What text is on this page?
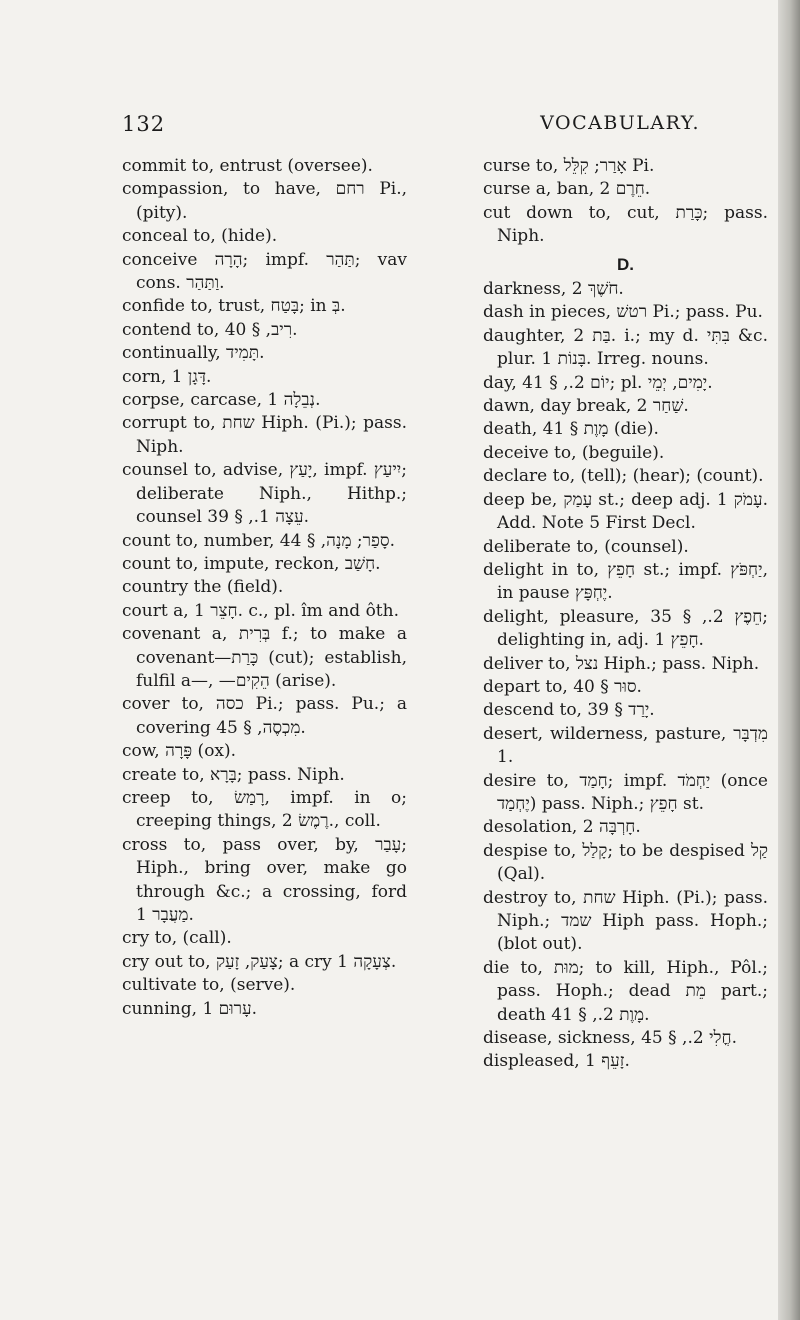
132	VOCABULARY.
commit to, entrust (oversee).
compassion, to have, רחם Pi., (pity).
conceal to, (hide).
conceive הָרָה; impf. תַּהַר; vav cons. וַתַּהַר.
confide to, trust, בָּטַח; in בְּ.
contend to, רִיב, § 40.
continually, תָּמִיד.
corn, דָּגָן 1.
corpse, carcase, נְבֵלָה 1.
corrupt to, שחת Hiph. (Pi.); pass. Niph.
counsel to, advise, יָעַץ, impf. יִיעַץ; deliberate Niph., Hithp.; counsel עֵצָה 1., § 39.
count to, number, סָפַר; מָנָה, § 44.
count to, impute, reckon, חָשַׁב.
country the (field).
court a, חָצֵר 1. c., pl. îm and ôth.
covenant a, בְּרִית f.; to make a covenant—כָּרַת (cut); establish, fulfil a—, —הֵקִים (arise).
cover to, כסה Pi.; pass. Pu.; a covering מִכְסֶה, § 45.
cow, פָּרָה (ox).
create to, בָּרָא; pass. Niph.
creep to, רָמַשׂ, impf. in o; creeping things, רֶמֶשׂ 2., coll.
cross to, pass over, by, עָבַר; Hiph., bring over, make go through &c.; a crossing, ford מַעֲבָר 1.
cry to, (call).
cry out to, צָעַק, זָעַק; a cry צְעָקָה 1.
cultivate to, (serve).
cunning, עָרוּם 1.
curse to, אָרַר; קִלֵּל Pi.
curse a, ban, חֵרֶם 2.
cut down to, cut, כָּרַת; pass. Niph.
D.
darkness, חֹשֶׁךְ 2.
dash in pieces, רטשׁ Pi.; pass. Pu.
daughter, בַּת 2. i.; my d. בִּתִּי &c. plur. בָּנוֹת 1. Irreg. nouns.
day, יוֹם 2., § 41; pl. יָמִים, יְמֵי.
dawn, day break, שַׁחַר 2.
death, מָוֶת § 41 (die).
deceive to, (beguile).
declare to, (tell); (hear); (count).
deep be, עָמַק st.; deep adj. עָמֹק 1. Add. Note 5 First Decl.
deliberate to, (counsel).
delight in to, חָפֵץ st.; impf. יַחְפֹּץ, in pause יֶחְפָּץ.
delight, pleasure, חֵפֶץ 2., § 35; delighting in, adj. חָפֵץ 1.
deliver to, נצל Hiph.; pass. Niph.
depart to, סוּר § 40.
descend to, יָרַד § 39.
desert, wilderness, pasture, מִדְבָּר 1.
desire to, חָמַד; impf. יַחְמֹד (once יֶחְמַד) pass. Niph.; חָפֵץ st.
desolation, חָרְבָּה 2.
despise to, קָלַל; to be despised קַל (Qal).
destroy to, שחת Hiph. (Pi.); pass. Niph.; שמד Hiph pass. Hoph.; (blot out).
die to, מוּת; to kill, Hiph., Pôl.; pass. Hoph.; dead מֵת part.; death מָוֶת 2., § 41.
disease, sickness, חֳלִי 2., § 45.
displeased, זָעֵף 1.
